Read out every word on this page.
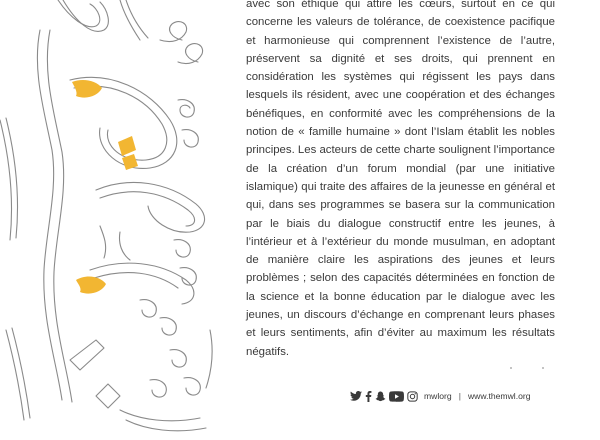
avec son éthique qui attire les cœurs, surtout en ce qui concerne les valeurs de tolérance, de coexistence pacifique et harmonieuse qui comprennent l’existence de l’autre, préservent sa dignité et ses droits, qui prennent en considération les systèmes qui régissent les pays dans lesquels ils résident, avec une coopération et des échanges bénéfiques, en conformité avec les compréhensions de la notion de « famille humaine » dont l’Islam établit les nobles principes. Les acteurs de cette charte soulignent l’importance de la création d’un forum mondial (par une initiative islamique) qui traite des affaires de la jeunesse en général et qui, dans ses programmes se basera sur la communication par le biais du dialogue constructif entre les jeunes, à l’intérieur et à l’extérieur du monde musulman, en adoptant de manière claire les aspirations des jeunes et leurs problèmes ; selon des capacités déterminées en fonction de la science et la bonne éducation par le dialogue avec les jeunes, un discours d’échange en comprenant leurs phases et leurs sentiments, afin d’éviter au maximum les résultats négatifs.

mwlorg | www.themwl.org
